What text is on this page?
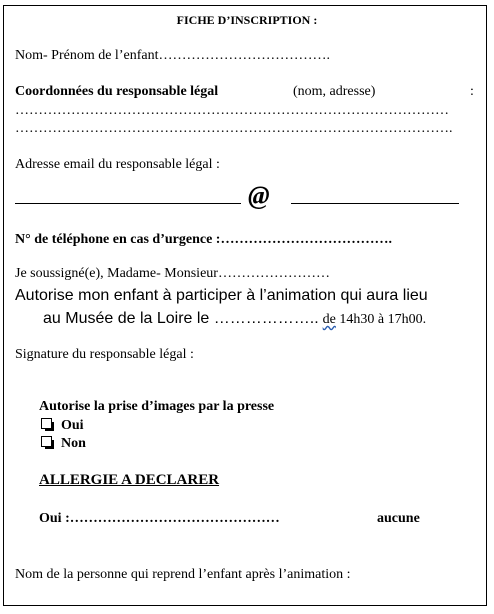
FICHE D’INSCRIPTION :
Nom- Prénom de l’enfant……………………………….
Coordonnées du responsable légal	(nom, adresse)	:
…………………………………………………………………………………
………………………………………………………………………………….
Adresse email du responsable légal :
@
N° de téléphone en cas d’urgence :……………………………….
Je soussigné(e), Madame- Monsieur……………………
Autorise mon enfant à participer à l’animation qui aura lieu
au Musée de la Loire le ……………….. de 14h30 à 17h00.
Signature du responsable légal :
Autorise la prise d’images par la presse
Oui
Non
ALLERGIE A DECLARER
Oui :………………………………………	aucune
Nom de la personne qui reprend l’enfant après l’animation :
